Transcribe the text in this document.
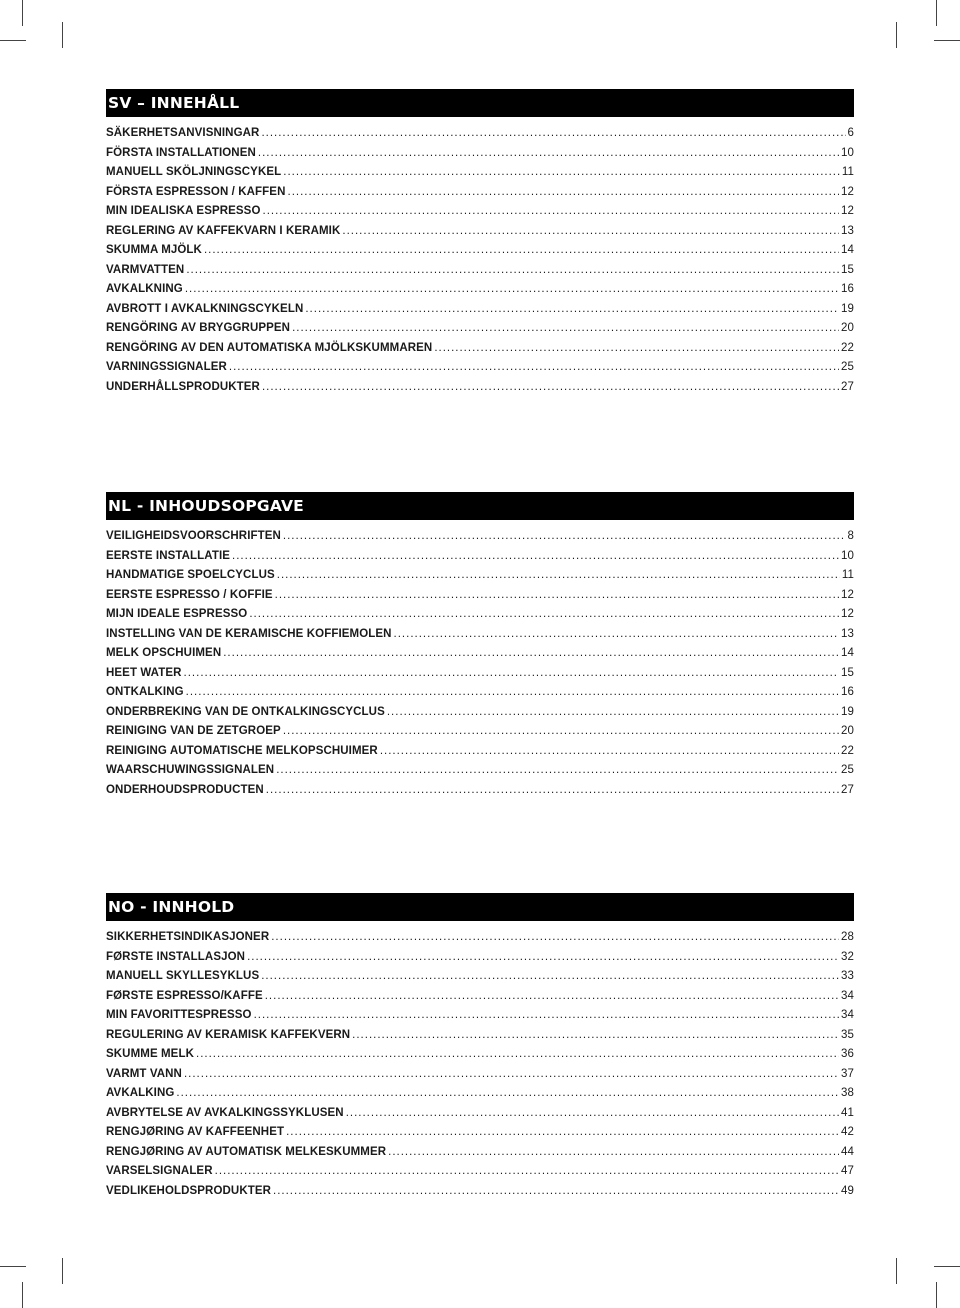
SV – INNEHÅLL
SÄKERHETSANVISNINGAR .....	6
FÖRSTA INSTALLATIONEN .....	10
MANUELL SKÖLJNINGSCYKEL .....	11
FÖRSTA ESPRESSON / KAFFEN .....	12
MIN IDEALISKA ESPRESSO .....	12
REGLERING AV KAFFEKVARN I KERAMIK .....	13
SKUMMA MJÖLK .....	14
VARMVATTEN .....	15
AVKALKNING .....	16
AVBROTT I AVKALKNINGSCYKELN .....	19
RENGÖRING AV BRYGGRUPPEN .....	20
RENGÖRING AV DEN AUTOMATISKA MJÖLKSKUMMAREN .....	22
VARNINGSSIGNALER .....	25
UNDERHÅLLSPRODUKTER .....	27
NL - INHOUDSOPGAVE
VEILIGHEIDSVOORSCHRIFTEN .....	8
EERSTE INSTALLATIE .....	10
HANDMATIGE SPOELCYCLUS .....	11
EERSTE ESPRESSO / KOFFIE .....	12
MIJN IDEALE ESPRESSO .....	12
INSTELLING VAN DE KERAMISCHE KOFFIEMOLEN .....	13
MELK OPSCHUIMEN .....	14
HEET WATER .....	15
ONTKALKING .....	16
ONDERBREKING VAN DE ONTKALKINGSCYCLUS .....	19
REINIGING VAN DE ZETGROEP .....	20
REINIGING AUTOMATISCHE MELKOPSCHUIMER .....	22
WAARSCHUWINGSSIGNALEN .....	25
ONDERHOUDSPRODUCTEN .....	27
NO - INNHOLD
SIKKERHETSINDIKASJONER .....	28
FØRSTE INSTALLASJON .....	32
MANUELL SKYLLESYKLUS .....	33
FØRSTE ESPRESSO/KAFFE .....	34
MIN FAVORITTESPRESSO .....	34
REGULERING AV KERAMISK KAFFEKVERN .....	35
SKUMME MELK .....	36
VARMT VANN .....	37
AVKALKING .....	38
AVBRYTELSE AV AVKALKINGSSYKLUSEN .....	41
RENGJØRING AV KAFFEENHET .....	42
RENGJØRING AV AUTOMATISK MELKESKUMMER .....	44
VARSELSIGNALER .....	47
VEDLIKEHOLDSPRODUKTER .....	49
